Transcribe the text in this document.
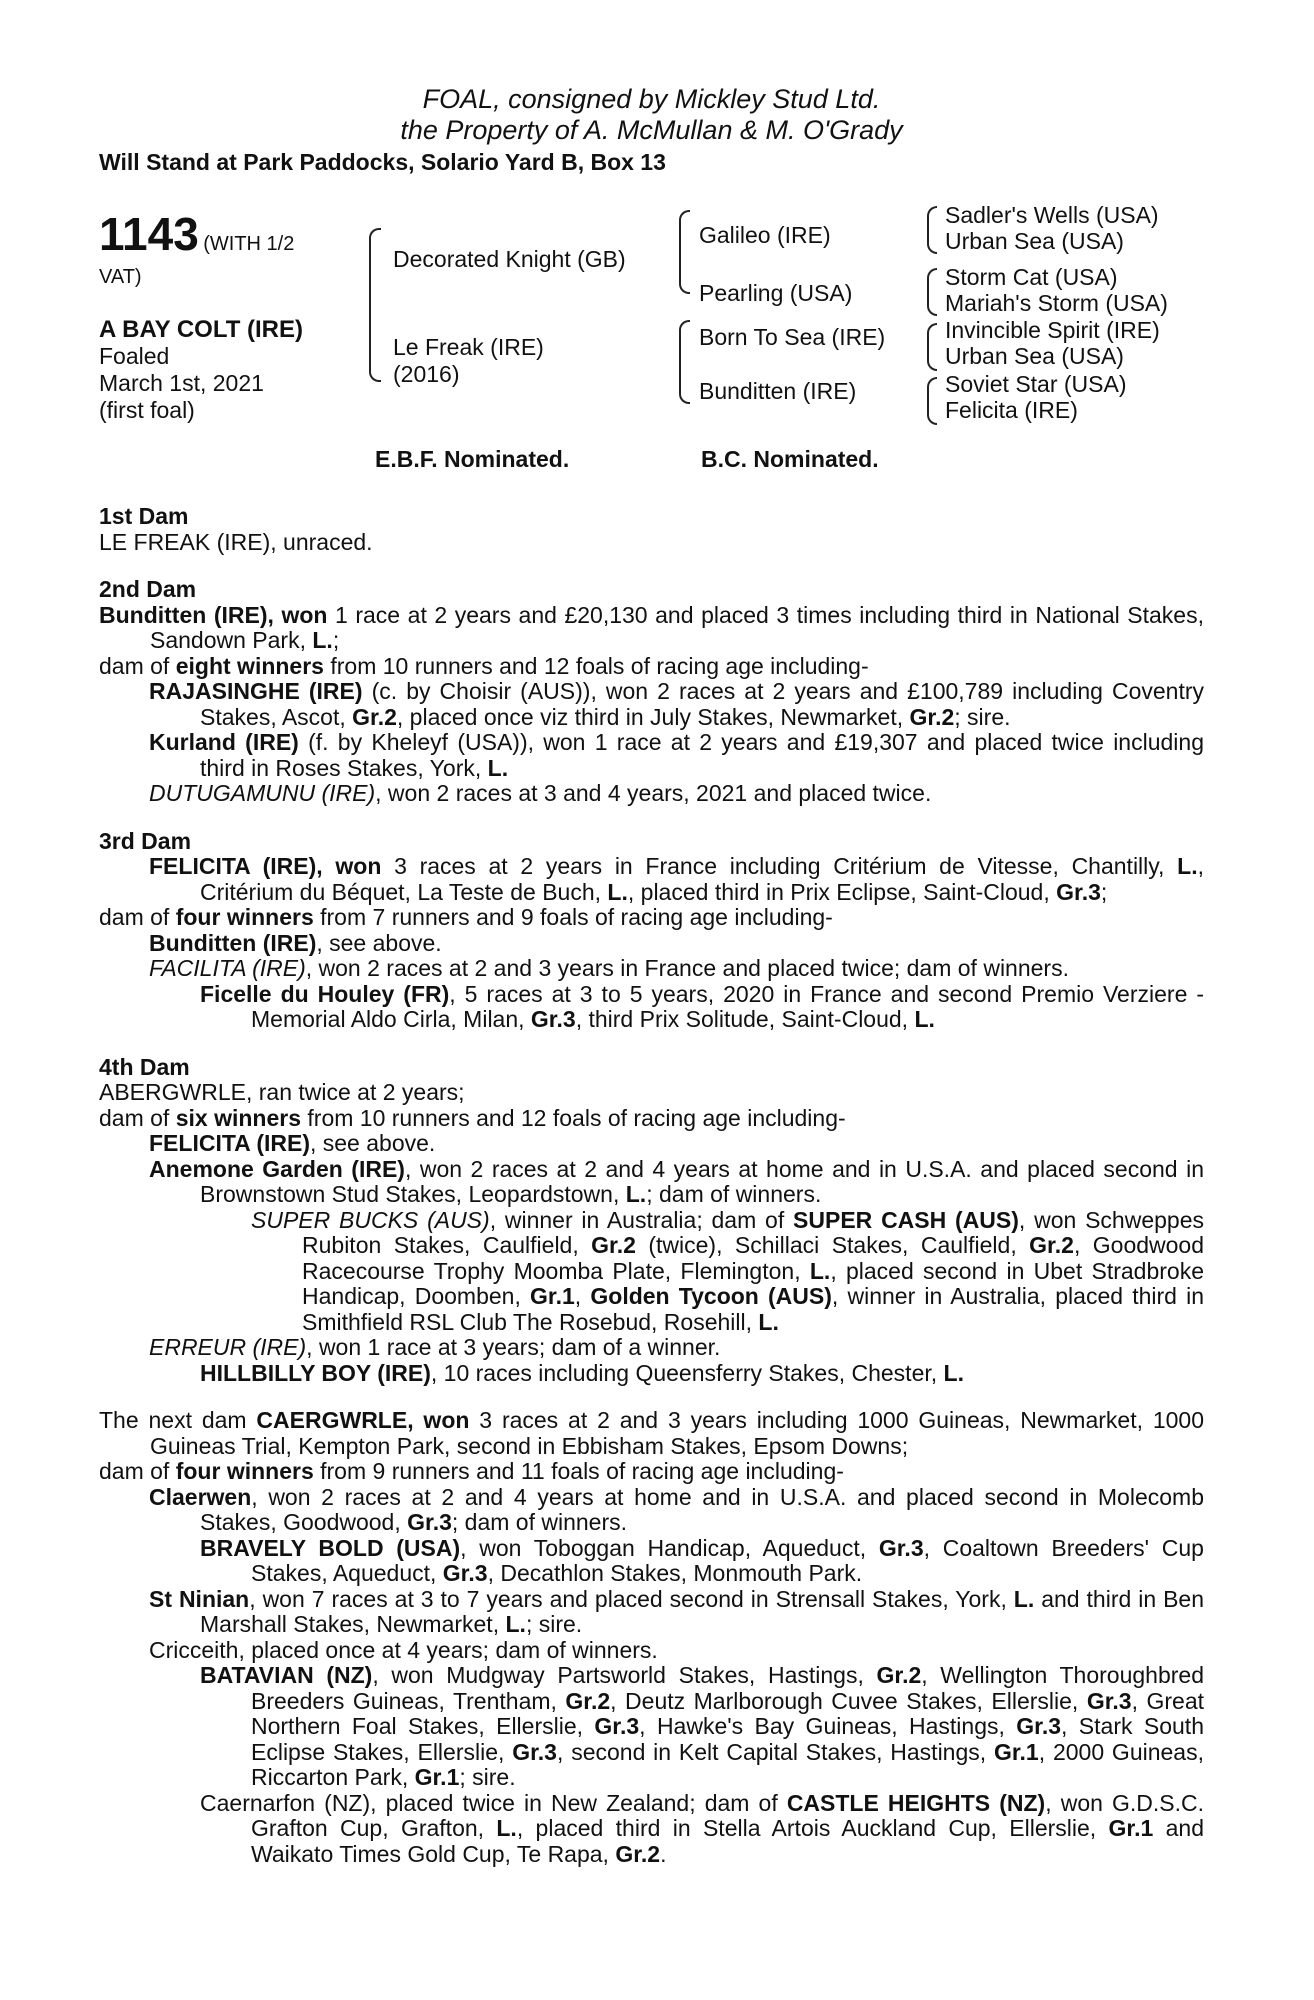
FOAL, consigned by Mickley Stud Ltd.
the Property of A. McMullan & M. O'Grady
Will Stand at Park Paddocks, Solario Yard B, Box 13
1143 (WITH 1/2
VAT)
A BAY COLT (IRE)
Foaled
March 1st, 2021
(first foal)
Decorated Knight (GB)
Le Freak (IRE)
(2016)
Galileo (IRE)
Pearling (USA)
Born To Sea (IRE)
Bunditten (IRE)
Sadler's Wells (USA)
Urban Sea (USA)
Storm Cat (USA)
Mariah's Storm (USA)
Invincible Spirit (IRE)
Urban Sea (USA)
Soviet Star (USA)
Felicita (IRE)
E.B.F. Nominated.	B.C. Nominated.
1st Dam
LE FREAK (IRE), unraced.
2nd Dam
Bunditten (IRE), won 1 race at 2 years and £20,130 and placed 3 times including third in National Stakes, Sandown Park, L.;
dam of eight winners from 10 runners and 12 foals of racing age including-
RAJASINGHE (IRE) (c. by Choisir (AUS)), won 2 races at 2 years and £100,789 including Coventry Stakes, Ascot, Gr.2, placed once viz third in July Stakes, Newmarket, Gr.2; sire.
Kurland (IRE) (f. by Kheleyf (USA)), won 1 race at 2 years and £19,307 and placed twice including third in Roses Stakes, York, L.
DUTUGAMUNU (IRE), won 2 races at 3 and 4 years, 2021 and placed twice.
3rd Dam
FELICITA (IRE), won 3 races at 2 years in France including Critérium de Vitesse, Chantilly, L., Critérium du Béquet, La Teste de Buch, L., placed third in Prix Eclipse, Saint-Cloud, Gr.3;
dam of four winners from 7 runners and 9 foals of racing age including-
Bunditten (IRE), see above.
FACILITA (IRE), won 2 races at 2 and 3 years in France and placed twice; dam of winners.
Ficelle du Houley (FR), 5 races at 3 to 5 years, 2020 in France and second Premio Verziere - Memorial Aldo Cirla, Milan, Gr.3, third Prix Solitude, Saint-Cloud, L.
4th Dam
ABERGWRLE, ran twice at 2 years;
dam of six winners from 10 runners and 12 foals of racing age including-
FELICITA (IRE), see above.
Anemone Garden (IRE), won 2 races at 2 and 4 years at home and in U.S.A. and placed second in Brownstown Stud Stakes, Leopardstown, L.; dam of winners.
SUPER BUCKS (AUS), winner in Australia; dam of SUPER CASH (AUS), won Schweppes Rubiton Stakes, Caulfield, Gr.2 (twice), Schillaci Stakes, Caulfield, Gr.2, Goodwood Racecourse Trophy Moomba Plate, Flemington, L., placed second in Ubet Stradbroke Handicap, Doomben, Gr.1, Golden Tycoon (AUS), winner in Australia, placed third in Smithfield RSL Club The Rosebud, Rosehill, L.
ERREUR (IRE), won 1 race at 3 years; dam of a winner.
HILLBILLY BOY (IRE), 10 races including Queensferry Stakes, Chester, L.
The next dam CAERGWRLE, won 3 races at 2 and 3 years including 1000 Guineas, Newmarket, 1000 Guineas Trial, Kempton Park, second in Ebbisham Stakes, Epsom Downs;
dam of four winners from 9 runners and 11 foals of racing age including-
Claerwen, won 2 races at 2 and 4 years at home and in U.S.A. and placed second in Molecomb Stakes, Goodwood, Gr.3; dam of winners.
BRAVELY BOLD (USA), won Toboggan Handicap, Aqueduct, Gr.3, Coaltown Breeders' Cup Stakes, Aqueduct, Gr.3, Decathlon Stakes, Monmouth Park.
St Ninian, won 7 races at 3 to 7 years and placed second in Strensall Stakes, York, L. and third in Ben Marshall Stakes, Newmarket, L.; sire.
Cricceith, placed once at 4 years; dam of winners.
BATAVIAN (NZ), won Mudgway Partsworld Stakes, Hastings, Gr.2, Wellington Thoroughbred Breeders Guineas, Trentham, Gr.2, Deutz Marlborough Cuvee Stakes, Ellerslie, Gr.3, Great Northern Foal Stakes, Ellerslie, Gr.3, Hawke's Bay Guineas, Hastings, Gr.3, Stark South Eclipse Stakes, Ellerslie, Gr.3, second in Kelt Capital Stakes, Hastings, Gr.1, 2000 Guineas, Riccarton Park, Gr.1; sire.
Caernarfon (NZ), placed twice in New Zealand; dam of CASTLE HEIGHTS (NZ), won G.D.S.C. Grafton Cup, Grafton, L., placed third in Stella Artois Auckland Cup, Ellerslie, Gr.1 and Waikato Times Gold Cup, Te Rapa, Gr.2.
